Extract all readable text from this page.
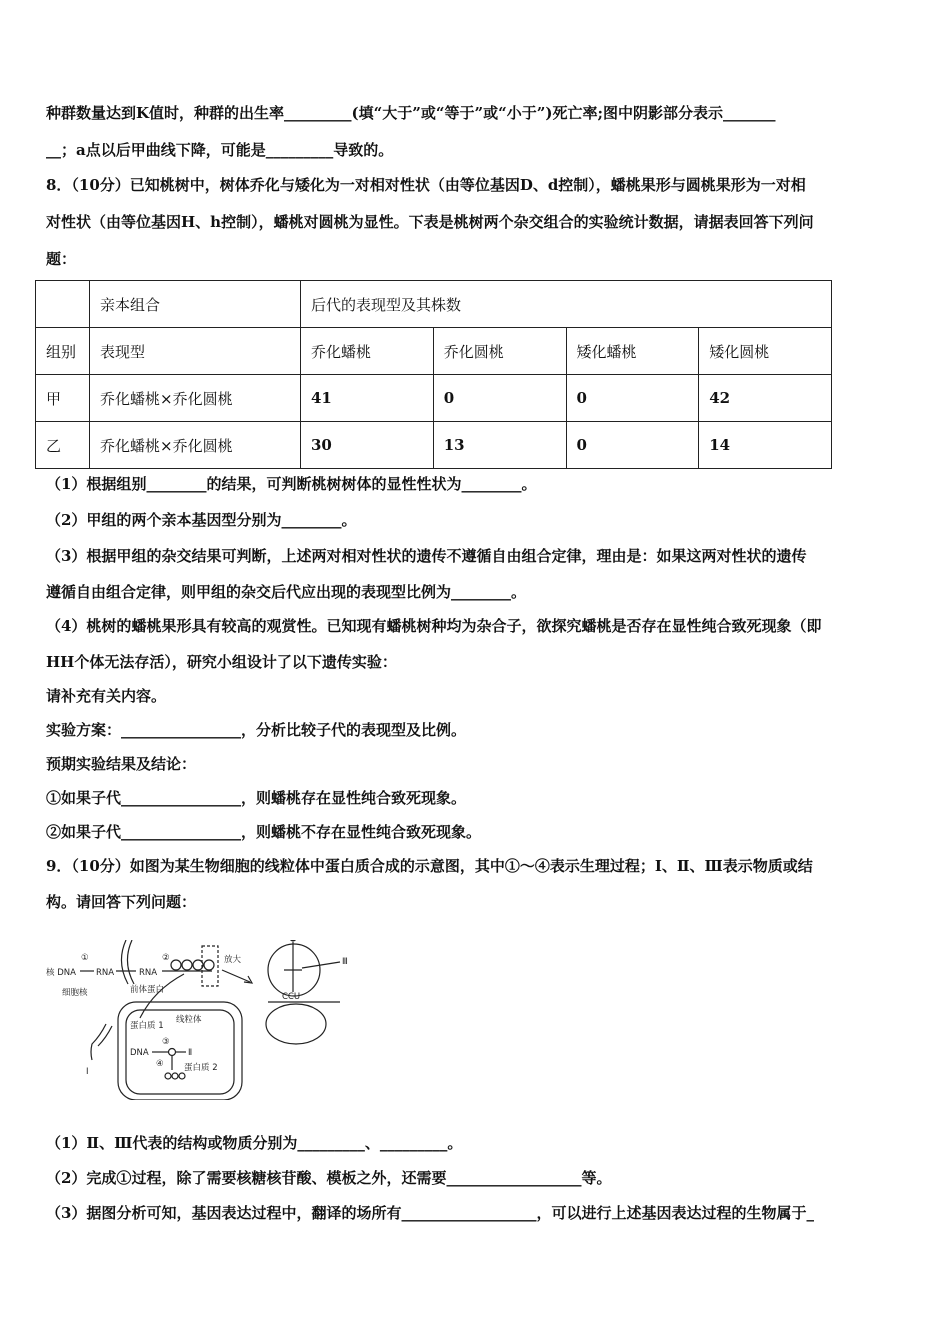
种群数量达到K值时，种群的出生率_________(填“大于”或“等于”或“小于”)死亡率;图中阴影部分表示_______
__；a点以后甲曲线下降，可能是_________导致的。
8．（10分）已知桃树中，树体乔化与矮化为一对相对性状（由等位基因D、d控制），蟠桃果形与圆桃果形为一对相
对性状（由等位基因H、h控制），蟠桃对圆桃为显性。下表是桃树两个杂交组合的实验统计数据，请据表回答下列问
题：
	亲本组合	后代的表现型及其株数			
组别	表现型	乔化蟠桃	乔化圆桃	矮化蟠桃	矮化圆桃
甲	乔化蟠桃×乔化圆桃	41	0	0	42
乙	乔化蟠桃×乔化圆桃	30	13	0	14
（1）根据组别________的结果，可判断桃树树体的显性性状为________。
（2）甲组的两个亲本基因型分别为________。
（3）根据甲组的杂交结果可判断，上述两对相对性状的遗传不遵循自由组合定律，理由是：如果这两对性状的遗传
遵循自由组合定律，则甲组的杂交后代应出现的表现型比例为________。
（4）桃树的蟠桃果形具有较高的观赏性。已知现有蟠桃树种均为杂合子，欲探究蟠桃是否存在显性纯合致死现象（即
HH个体无法存活），研究小组设计了以下遗传实验：
请补充有关内容。
实验方案：________________，分析比较子代的表现型及比例。
预期实验结果及结论：
①如果子代________________，则蟠桃存在显性纯合致死现象。
②如果子代________________，则蟠桃不存在显性纯合致死现象。
9．（10分）如图为某生物细胞的线粒体中蛋白质合成的示意图，其中①～④表示生理过程；Ⅰ、Ⅱ、Ⅲ表示物质或结
构。请回答下列问题：
核 DNA
①
RNA	RNA
②	放大
细胞核
Ⅲ
CCU
前体蛋白
蛋白质 1
线粒体
DNA
③
Ⅱ
④ 蛋白质 2
Ⅰ
（1）Ⅱ、Ⅲ代表的结构或物质分别为_________、_________。
（2）完成①过程，除了需要核糖核苷酸、模板之外，还需要__________________等。
（3）据图分析可知，基因表达过程中，翻译的场所有__________________，可以进行上述基因表达过程的生物属于_
